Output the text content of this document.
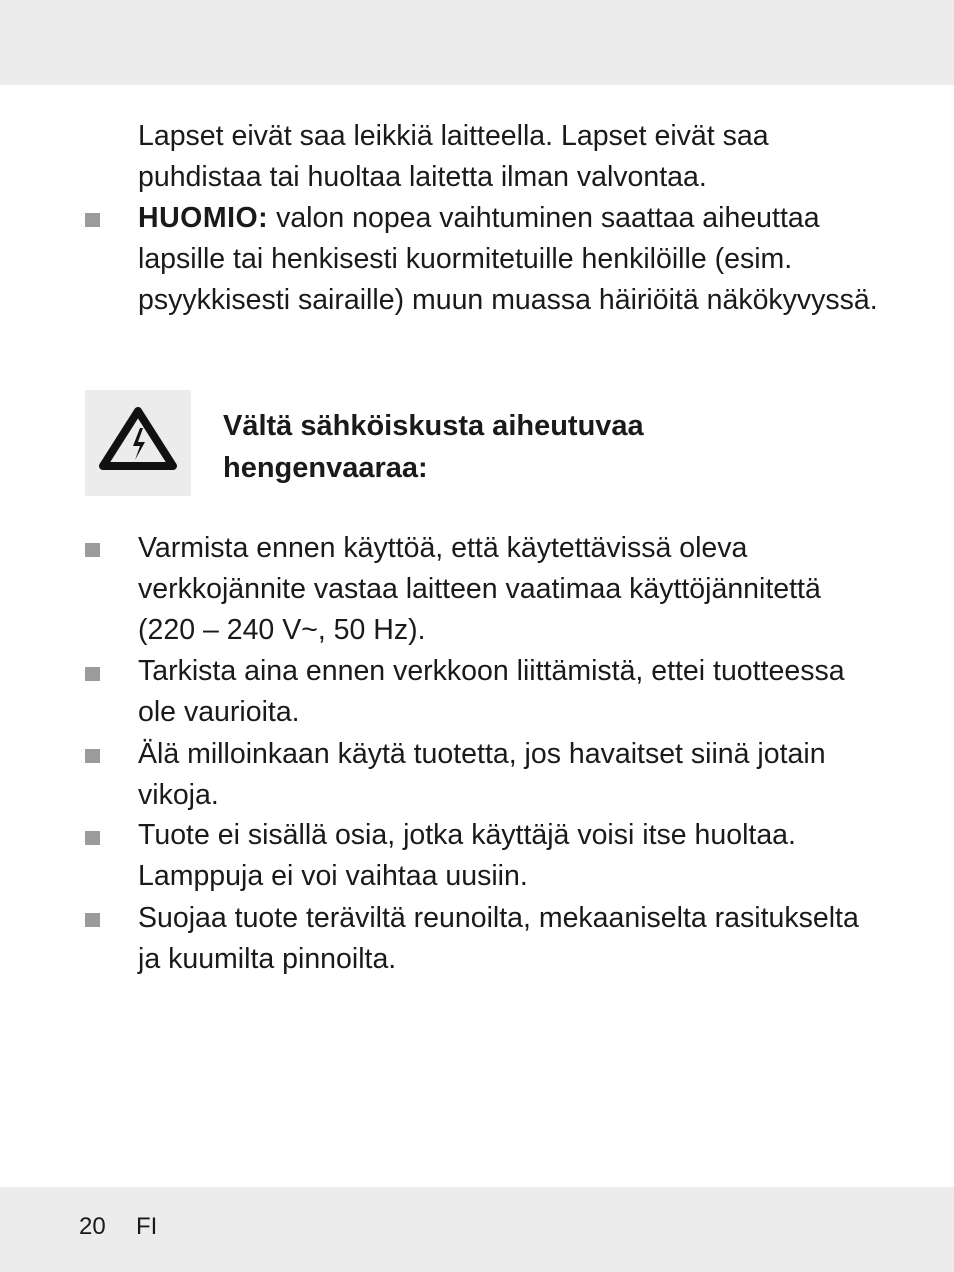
Lapset eivät saa leikkiä laitteella. Lapset eivät saa puhdistaa tai huoltaa laitetta ilman valvontaa.

HUOMIO: valon nopea vaihtuminen saattaa aiheuttaa lapsille tai henkisesti kuormitetuille henkilöille (esim. psyykkisesti sairaille) muun muassa häiriöitä näkökyvyssä.

Vältä sähköiskusta aiheutuvaa hengenvaaraa:

Varmista ennen käyttöä, että käytettävissä oleva verkkojännite vastaa laitteen vaatimaa käyttöjännitettä (220 – 240 V~, 50 Hz).

Tarkista aina ennen verkkoon liittämistä, ettei tuotteessa ole vaurioita.

Älä milloinkaan käytä tuotetta, jos havaitset siinä jotain vikoja.

Tuote ei sisällä osia, jotka käyttäjä voisi itse huoltaa. Lamppuja ei voi vaihtaa uusiin.

Suojaa tuote teräviltä reunoilta, mekaaniselta rasitukselta ja kuumilta pinnoilta.

20 FI
